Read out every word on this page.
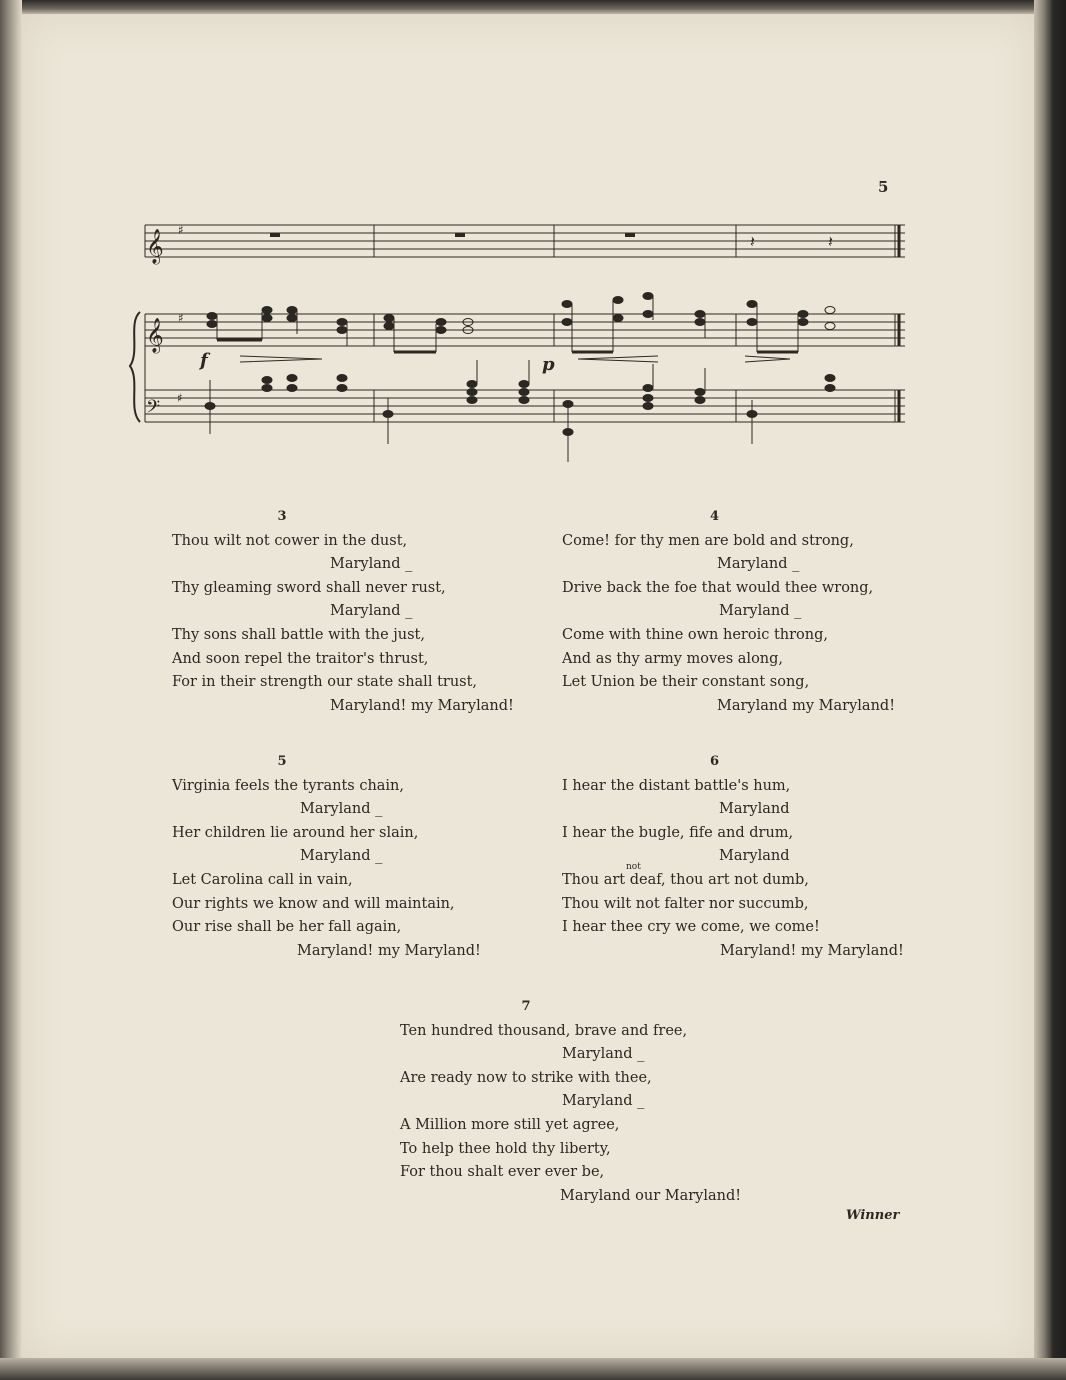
5
𝄞 ♯
𝄞 ♯
𝄢 ♯
𝄽	𝄽
f	p
3
Thou wilt not cower in the dust,
Maryland _
Thy gleaming sword shall never rust,
Maryland _
Thy sons shall battle with the just,
And soon repel the traitor's thrust,
For in their strength our state shall trust,
Maryland! my Maryland!
4
Come! for thy men are bold and strong,
Maryland _
Drive back the foe that would thee wrong,
Maryland _
Come with thine own heroic throng,
And as thy army moves along,
Let Union be their constant song,
Maryland my Maryland!
5
Virginia feels the tyrants chain,
Maryland _
Her children lie around her slain,
Maryland _
Let Carolina call in vain,
Our rights we know and will maintain,
Our rise shall be her fall again,
Maryland! my Maryland!
6
I hear the distant battle's hum,
Maryland
I hear the bugle, fife and drum,
Maryland
Thou art deaf, thou art not dumb,
not
Thou wilt not falter nor succumb,
I hear thee cry we come, we come!
Maryland! my Maryland!
7
Ten hundred thousand, brave and free,
Maryland _
Are ready now to strike with thee,
Maryland _
A Million more still yet agree,
To help thee hold thy liberty,
For thou shalt ever ever be,
Maryland our Maryland!
Winner
